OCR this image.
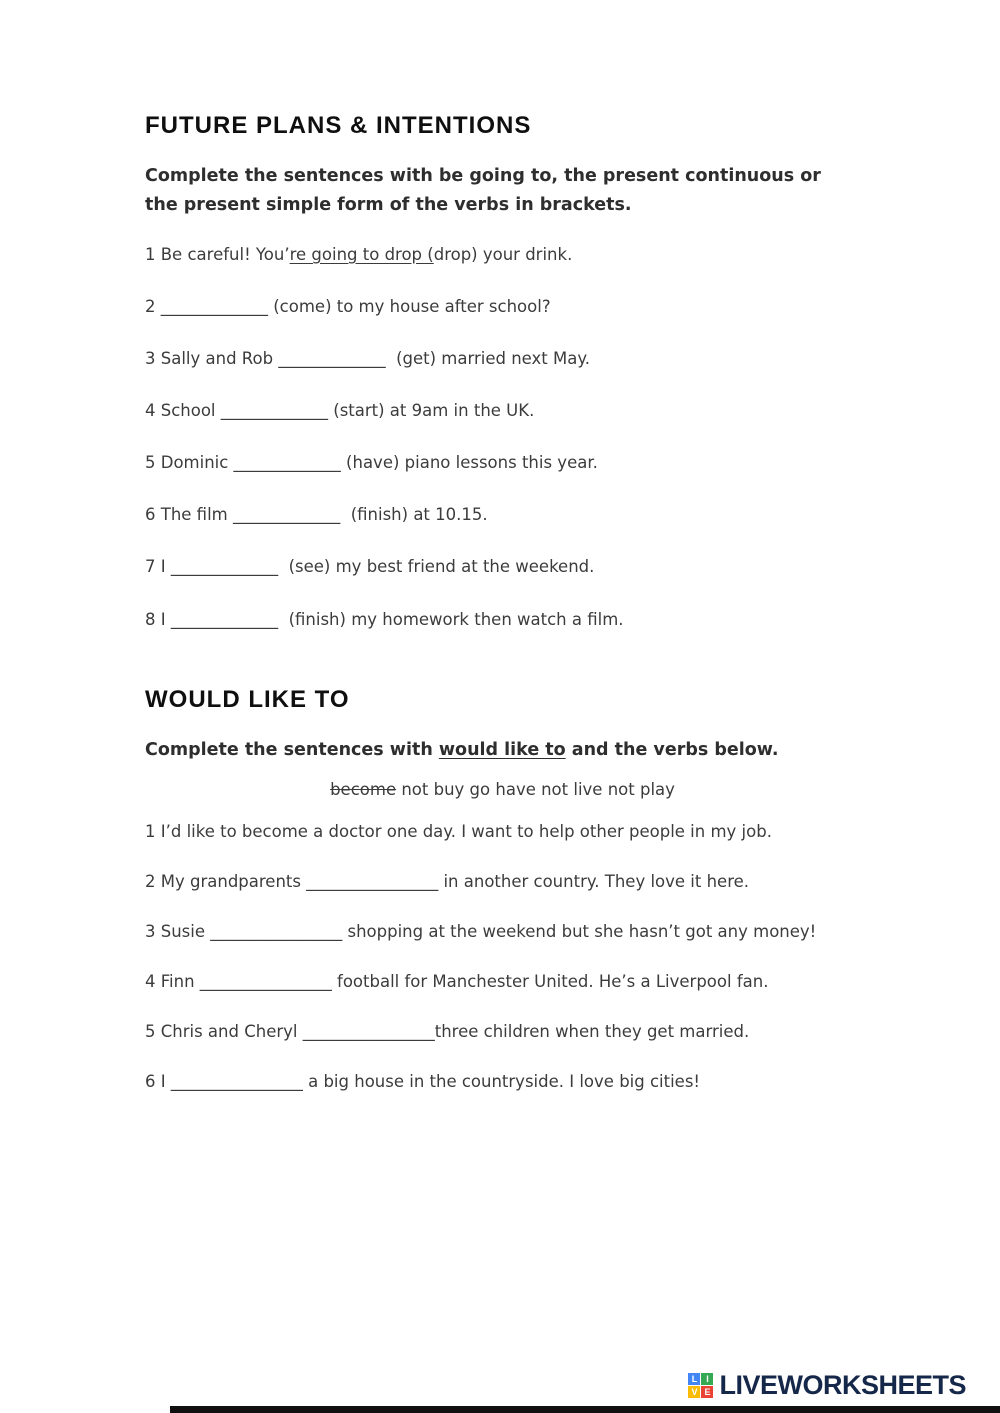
FUTURE PLANS & INTENTIONS

Complete the sentences with be going to, the present continuous or the present simple form of the verbs in brackets.

1 Be careful! You’re going to drop (drop) your drink.

2 _____________ (come) to my house after school?

3 Sally and Rob _____________  (get) married next May.

4 School _____________ (start) at 9am in the UK.

5 Dominic _____________ (have) piano lessons this year.

6 The film _____________  (finish) at 10.15.

7 I _____________  (see) my best friend at the weekend.

8 I _____________  (finish) my homework then watch a film.

WOULD LIKE TO

Complete the sentences with would like to and the verbs below.

become not buy go have not live not play

1 I’d like to become a doctor one day. I want to help other people in my job.

2 My grandparents ________________ in another country. They love it here.

3 Susie ________________ shopping at the weekend but she hasn’t got any money!

4 Finn ________________ football for Manchester United. He’s a Liverpool fan.

5 Chris and Cheryl ________________three children when they get married.

6 I ________________ a big house in the countryside. I love big cities!

L I
V E LIVEWORKSHEETS
